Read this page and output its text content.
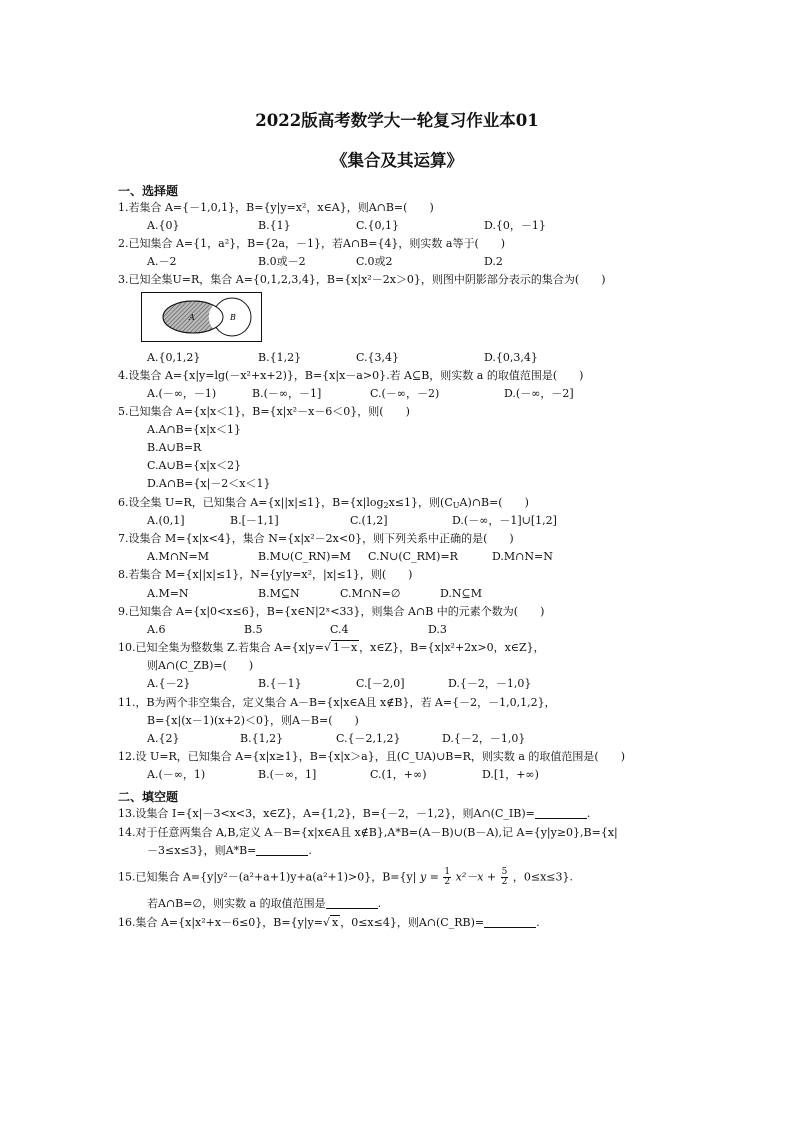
2022版高考数学大一轮复习作业本01
《集合及其运算》
一、选择题
1.若集合 A={－1,0,1}，B={y|y=x²，x∈A}，则A∩B=(　　)
A.{0}	B.{1}	C.{0,1}	D.{0，－1}
2.已知集合 A={1，a²}，B={2a，－1}，若A∩B={4}，则实数 a等于(　　)
A.－2	B.0或－2	C.0或2	D.2
3.已知全集U=R，集合 A={0,1,2,3,4}，B={x|x²－2x＞0}，则图中阴影部分表示的集合为(　　)
A	B
A.{0,1,2}	B.{1,2}	C.{3,4}	D.{0,3,4}
4.设集合 A={x|y=lg(－x²+x+2)}，B={x|x－a>0}.若 A⊆B，则实数 a 的取值范围是(　　)
A.(－∞，－1)	B.(－∞，－1]	C.(－∞，－2)	D.(－∞，－2]
5.已知集合 A={x|x＜1}，B={x|x²－x－6＜0}，则(　　)
A.A∩B={x|x＜1}
B.A∪B=R
C.A∪B={x|x＜2}
D.A∩B={x|－2＜x＜1}
6.设全集 U=R，已知集合 A={x||x|≤1}，$B=\{x|\log_2x\le 1\}$，则$(C_UA)\cap B=$(　　)
A.(0,1]	B.[－1,1]	C.(1,2]	D.(－∞，－1]∪[1,2]
7.设集合 M={x|x<4}，集合 N={x|x²－2x<0}，则下列关系中正确的是(　　)
A.M∩N=M	B.M∪(C_RN)=M C.N∪(C_RM)=R	D.M∩N=N
8.若集合 M={x||x|≤1}，N={y|y=x²，|x|≤1}，则(　　)
A.M=N	B.M⊆N	C.M∩N=∅	D.N⊆M
9.已知集合 A={x|0<x≤6}，B={x∈N|2ˣ<33}，则集合 A∩B 中的元素个数为(　　)
A.6	B.5	C.4	D.3
10.已知全集为整数集 Z.若集合 A={x|y=√ 1－x ，x∈Z}，B={x|x²+2x>0，x∈Z}，
则A∩(C_ZB)=(　　)
A.{－2}	B.{－1}	C.[－2,0]	D.{－2，－1,0}
11.，B为两个非空集合，定义集合 A－B={x|x∈A且 x∉B}，若 A={－2，－1,0,1,2}，
B={x|(x－1)(x+2)＜0}，则A－B=(　　)
A.{2}	B.{1,2}	C.{－2,1,2}	D.{－2，－1,0}
12.设 U=R，已知集合 A={x|x≥1}，B={x|x＞a}，且(C_UA)∪B=R，则实数 a 的取值范围是(　　)
A.(－∞，1)	B.(－∞，1]	C.(1，+∞)	D.[1，+∞)
二、填空题
13.设集合 I={x|－3<x<3，x∈Z}，A={1,2}，B={－2，－1,2}，则A∩(C_IB)=	.
14.对于任意两集合 A,B,定义 A－B={x|x∈A且 x∉B},A*B=(A－B)∪(B－A),记 A={y|y≥0},B={x|
－3≤x≤3}，则A*B=	.
15.已知集合 A={y|y²－(a²+a+1)y+a(a²+1)>0}，B={y| $y = \frac{1}{2} x^2-x + \frac{5}{2}$ ，0≤x≤3}.
若A∩B=∅，则实数 a 的取值范围是	.
16.集合 A={x|x²+x－6≤0}，B={y|y=√ x ，0≤x≤4}，则A∩(C_RB)=	.
